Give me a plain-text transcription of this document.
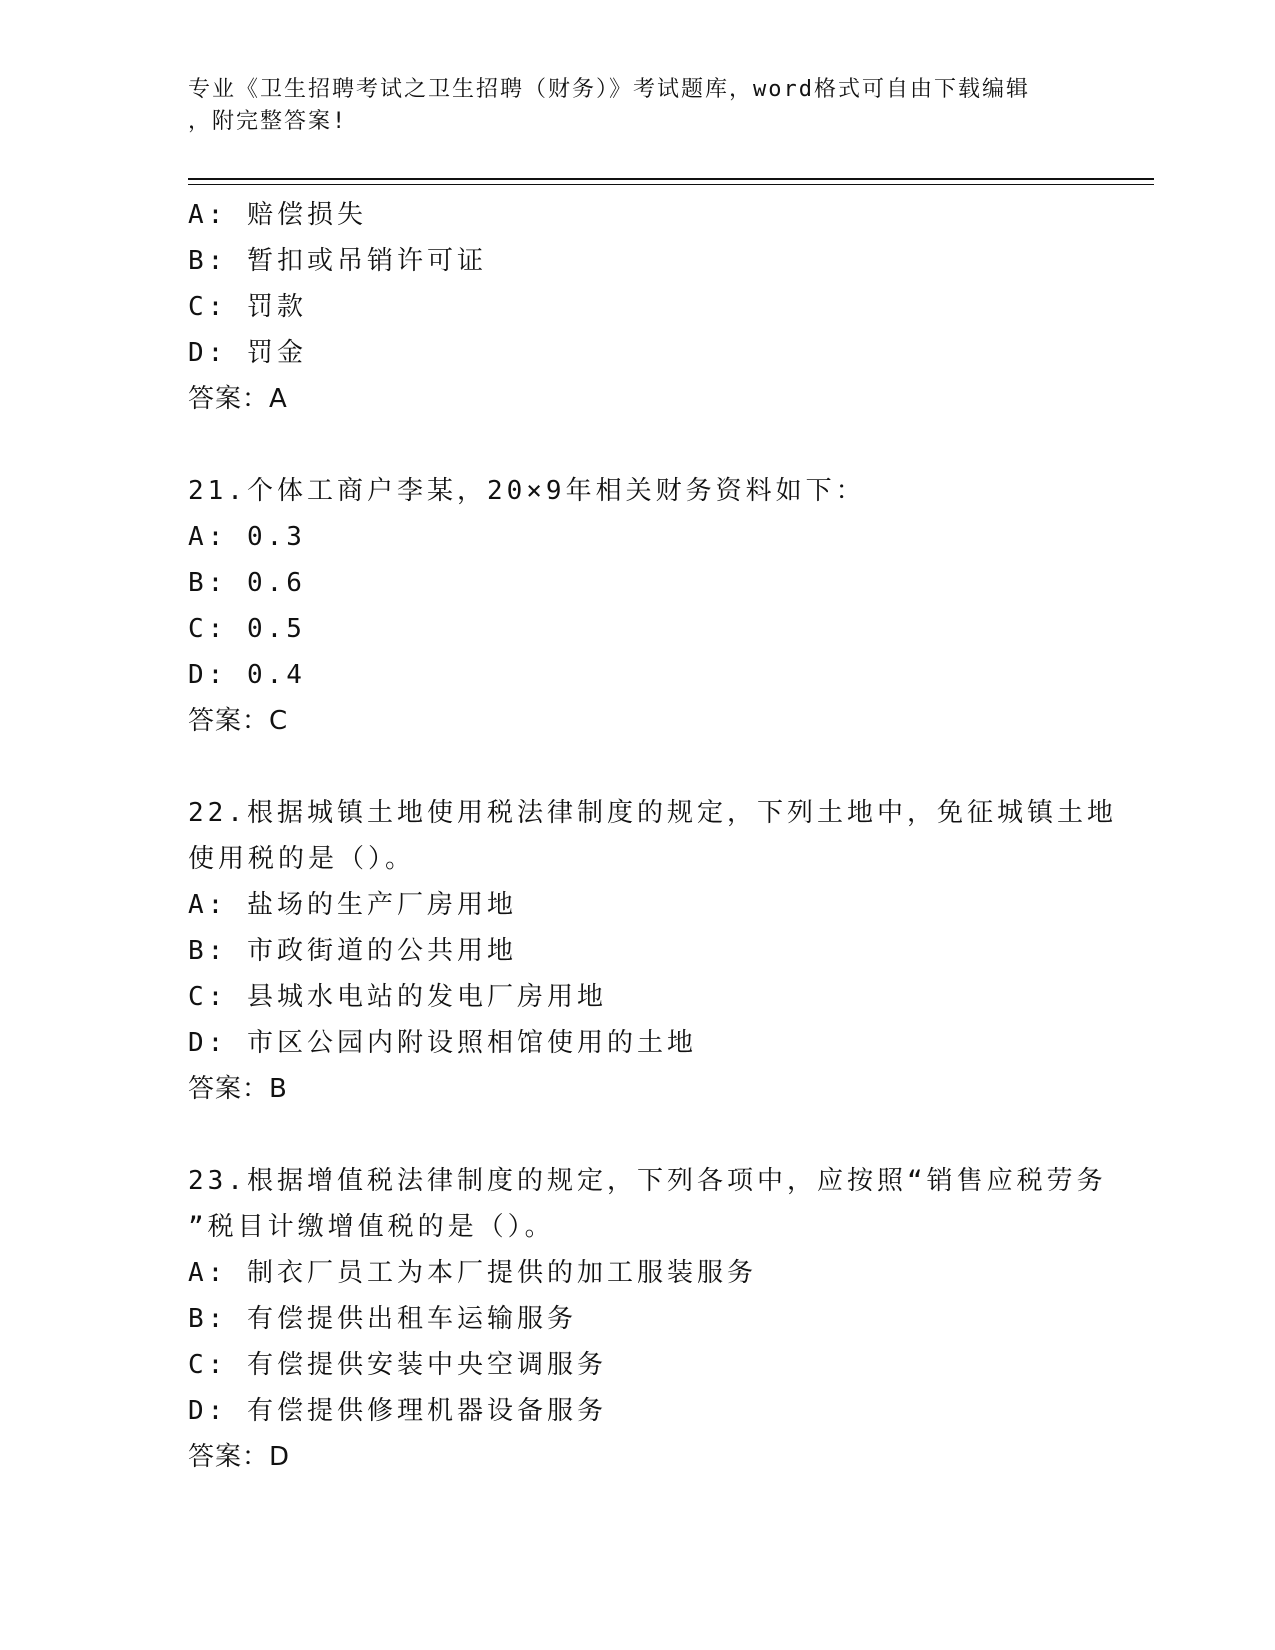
专业《卫生招聘考试之卫生招聘（财务）》考试题库，word格式可自由下载编辑
，附完整答案!
A: 赔偿损失
B: 暂扣或吊销许可证
C: 罚款
D: 罚金
答案：A
21.个体工商户李某，20×9年相关财务资料如下：
A: 0.3
B: 0.6
C: 0.5
D: 0.4
答案：C
22.根据城镇土地使用税法律制度的规定，下列土地中，免征城镇土地
使用税的是（）。
A: 盐场的生产厂房用地
B: 市政街道的公共用地
C: 县城水电站的发电厂房用地
D: 市区公园内附设照相馆使用的土地
答案：B
23.根据增值税法律制度的规定，下列各项中，应按照“销售应税劳务
”税目计缴增值税的是（）。
A: 制衣厂员工为本厂提供的加工服装服务
B: 有偿提供出租车运输服务
C: 有偿提供安装中央空调服务
D: 有偿提供修理机器设备服务
答案：D
